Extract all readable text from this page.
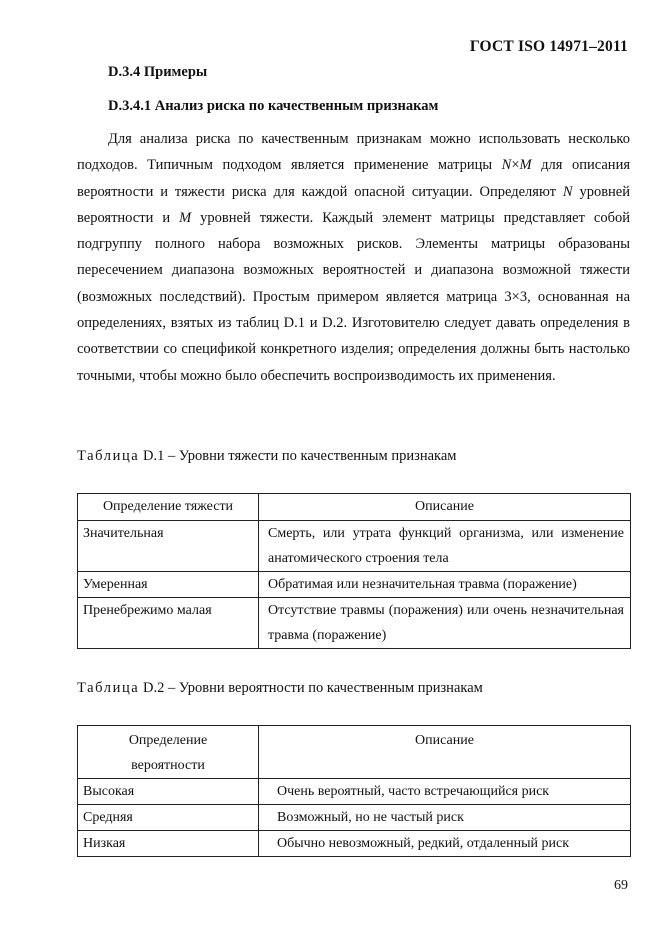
ГОСТ ISO 14971–2011
D.3.4 Примеры
D.3.4.1 Анализ риска по качественным признакам

Для анализа риска по качественным признакам можно использовать несколько подходов. Типичным подходом является применение матрицы N×M для описания вероятности и тяжести риска для каждой опасной ситуации. Определяют N уровней вероятности и M уровней тяжести. Каждый элемент матрицы представляет собой подгруппу полного набора возможных рисков. Элементы матрицы образованы пересечением диапазона возможных вероятностей и диапазона возможной тяжести (возможных последствий). Простым примером является матрица 3×3, основанная на определениях, взятых из таблиц D.1 и D.2. Изготовителю следует давать определения в соответствии со спецификой конкретного изделия; определения должны быть настолько точными, чтобы можно было обеспечить воспроизводимость их применения.

Таблица D.1 – Уровни тяжести по качественным признакам
Определение тяжести	Описание
Значительная	Смерть, или утрата функций организма, или изменение анатомического строения тела
Умеренная	Обратимая или незначительная травма (поражение)
Пренебрежимо малая	Отсутствие травмы (поражения) или очень незначительная травма (поражение)
Таблица D.2 – Уровни вероятности по качественным признакам
Определение вероятности	Описание
Высокая	Очень вероятный, часто встречающийся риск
Средняя	Возможный, но не частый риск
Низкая	Обычно невозможный, редкий, отдаленный риск
69
